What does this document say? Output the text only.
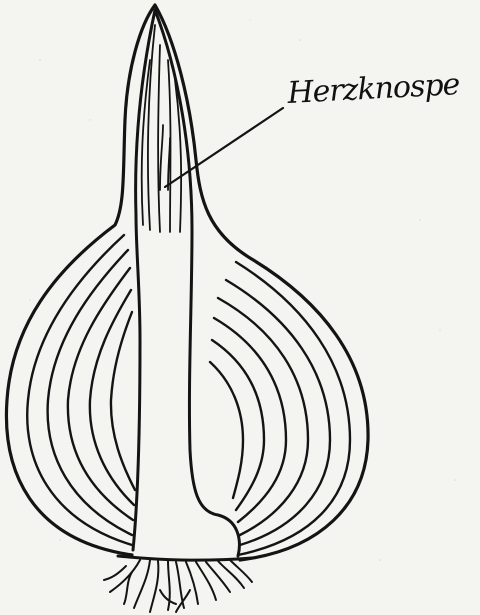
Herzknospe
